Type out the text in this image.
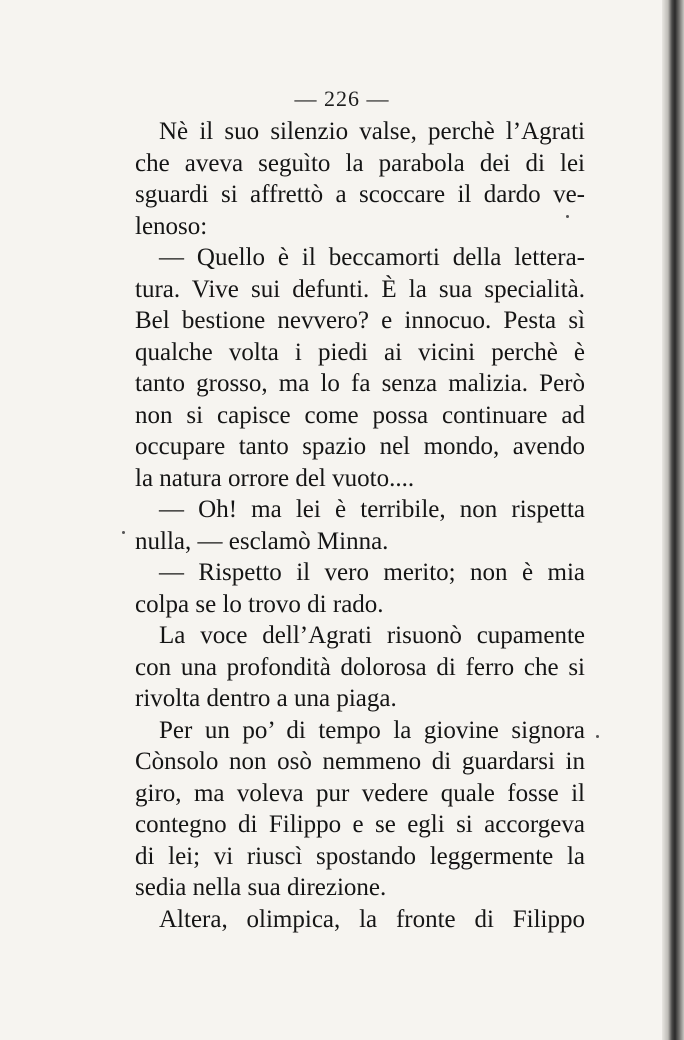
— 226 —
Nè il suo silenzio valse, perchè l’Agrati
che aveva seguìto la parabola dei di lei
sguardi si affrettò a scoccare il dardo ve-
lenoso:
— Quello è il beccamorti della lettera-
tura. Vive sui defunti. È la sua specialità.
Bel bestione nevvero? e innocuo. Pesta sì
qualche volta i piedi ai vicini perchè è
tanto grosso, ma lo fa senza malizia. Però
non si capisce come possa continuare ad
occupare tanto spazio nel mondo, avendo
la natura orrore del vuoto....
— Oh! ma lei è terribile, non rispetta
nulla, — esclamò Minna.
— Rispetto il vero merito; non è mia
colpa se lo trovo di rado.
La voce dell’Agrati risuonò cupamente
con una profondità dolorosa di ferro che si
rivolta dentro a una piaga.
Per un po’ di tempo la giovine signora
Cònsolo non osò nemmeno di guardarsi in
giro, ma voleva pur vedere quale fosse il
contegno di Filippo e se egli si accorgeva
di lei; vi riuscì spostando leggermente la
sedia nella sua direzione.
Altera, olimpica, la fronte di Filippo
